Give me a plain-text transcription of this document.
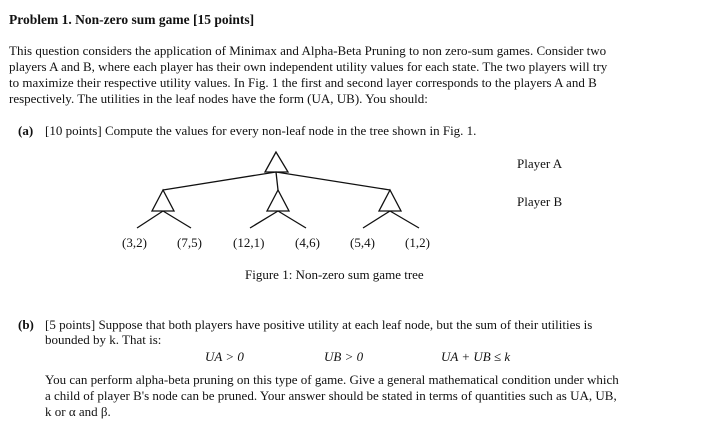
Problem 1. Non-zero sum game [15 points]
This question considers the application of Minimax and Alpha-Beta Pruning to non zero-sum games. Consider two
players A and B, where each player has their own independent utility values for each state. The two players will try
to maximize their respective utility values. In Fig. 1 the first and second layer corresponds to the players A and B
respectively. The utilities in the leaf nodes have the form (UA, UB). You should:
(a) [10 points] Compute the values for every non-leaf node in the tree shown in Fig. 1.
Player A
Player B
(3,2) (7,5) (12,1) (4,6) (5,4) (1,2)
Figure 1: Non-zero sum game tree
(b) [5 points] Suppose that both players have positive utility at each leaf node, but the sum of their utilities is
bounded by k. That is:
UA > 0	UB > 0	UA + UB ≤ k
You can perform alpha-beta pruning on this type of game. Give a general mathematical condition under which
a child of player B's node can be pruned. Your answer should be stated in terms of quantities such as UA, UB,
k or α and β.
